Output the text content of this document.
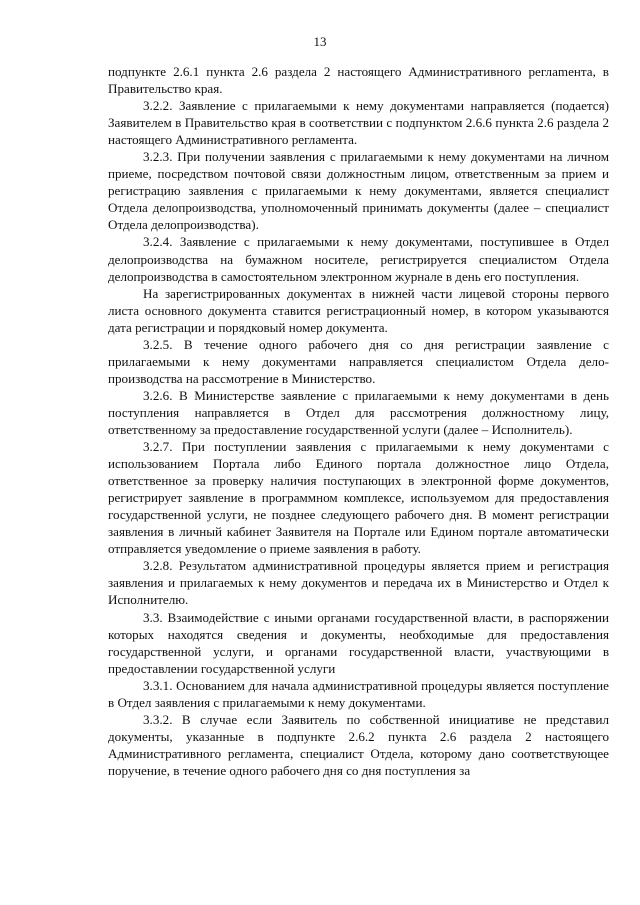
13

подпункте 2.6.1 пункта 2.6 раздела 2 настоящего Административного реглаmента, в Правительство края.

3.2.2. Заявление с прилагаемыми к нему документами направляется (подается) Заявителем в Правительство края в соответствии с подпунктом 2.6.6 пункта 2.6 раздела 2 настоящего Административного регламента.

3.2.3. При получении заявления с прилагаемыми к нему документами на личном приеме, посредством почтовой связи должностным лицом, ответственным за прием и регистрацию заявления с прилагаемыми к нему документами, является специалист Отдела делопроизводства, уполномоченный принимать документы (далее – специалист Отдела делопроизводства).

3.2.4. Заявление с прилагаемыми к нему документами, поступившее в Отдел делопроизводства на бумажном носителе, регистрируется специалистом Отдела делопроизводства в самостоятельном электронном журнале в день его поступления.

На зарегистрированных документах в нижней части лицевой стороны первого листа основного документа ставится регистрационный номер, в котором указываются дата регистрации и порядковый номер документа.

3.2.5. В течение одного рабочего дня со дня регистрации заявление с прилагаемыми к нему документами направляется специалистом Отдела делопроизводства на рассмотрение в Министерство.

3.2.6. В Министерстве заявление с прилагаемыми к нему документами в день поступления направляется в Отдел для рассмотрения должностному лицу, ответственному за предоставление государственной услуги (далее – Исполнитель).

3.2.7. При поступлении заявления с прилагаемыми к нему документами с использованием Портала либо Единого портала должностное лицо Отдела, ответственное за проверку наличия поступающих в электронной форме документов, регистрирует заявление в программном комплексе, используемом для предоставления государственной услуги, не позднее следующего рабочего дня. В момент регистрации заявления в личный кабинет Заявителя на Портале или Едином портале автоматически отправляется уведомление о приеме заявления в работу.

3.2.8. Результатом административной процедуры является прием и регистрация заявления и прилагаемых к нему документов и передача их в Министерство и Отдел к Исполнителю.

3.3. Взаимодействие с иными органами государственной власти, в распоряжении которых находятся сведения и документы, необходимые для предоставления государственной услуги, и органами государственной власти, участвующими в предоставлении государственной услуги

3.3.1. Основанием для начала административной процедуры является поступление в Отдел заявления с прилагаемыми к нему документами.

3.3.2. В случае если Заявитель по собственной инициативе не представил документы, указанные в подпункте 2.6.2 пункта 2.6 раздела 2 настоящего Административного регламента, специалист Отдела, которому дано соответствующее поручение, в течение одного рабочего дня со дня поступления за
